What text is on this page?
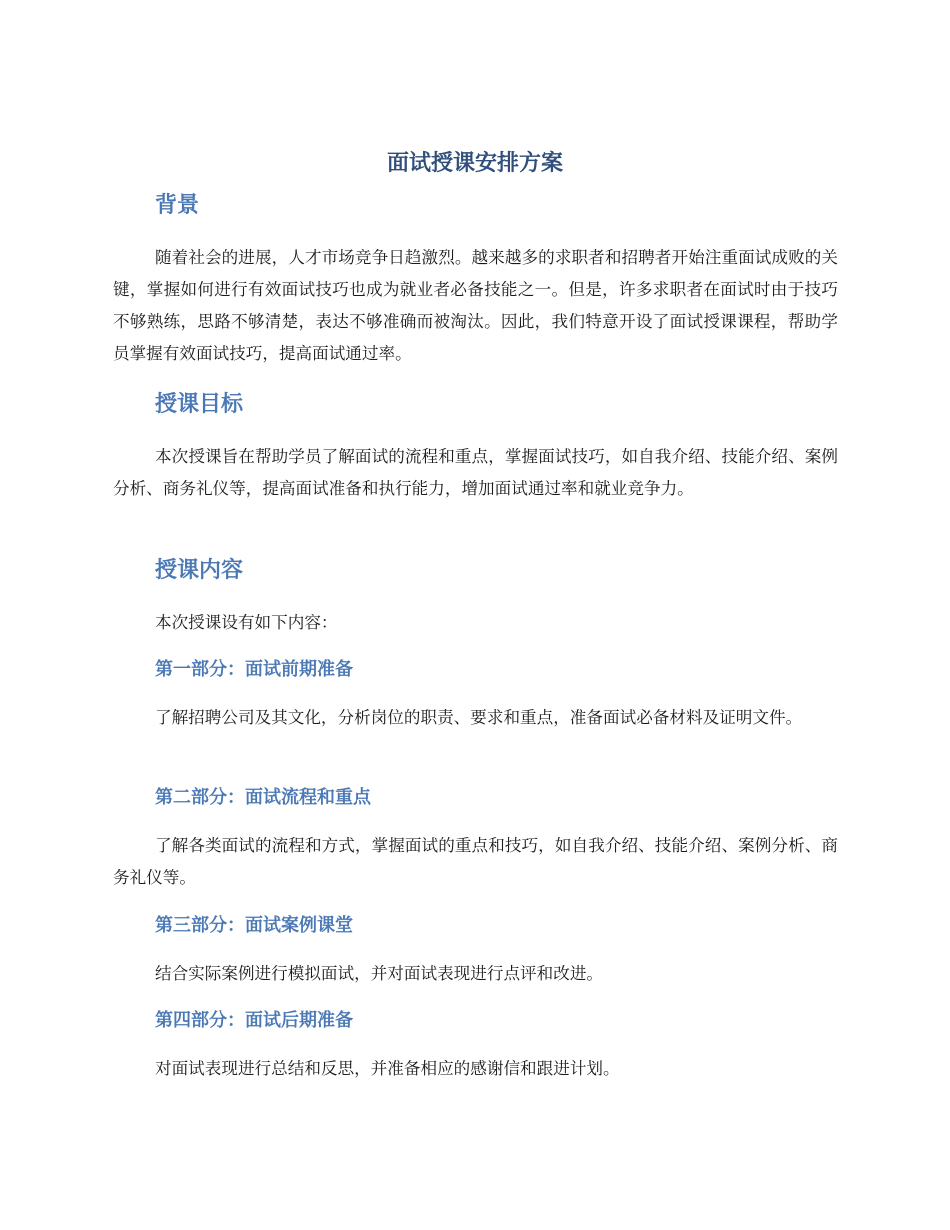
面试授课安排方案
背景

随着社会的进展，人才市场竞争日趋激烈。越来越多的求职者和招聘者开始注重面试成败的关键，掌握如何进行有效面试技巧也成为就业者必备技能之一。但是，许多求职者在面试时由于技巧不够熟练，思路不够清楚，表达不够准确而被淘汰。因此，我们特意开设了面试授课课程，帮助学员掌握有效面试技巧，提高面试通过率。

授课目标

本次授课旨在帮助学员了解面试的流程和重点，掌握面试技巧，如自我介绍、技能介绍、案例分析、商务礼仪等，提高面试准备和执行能力，增加面试通过率和就业竞争力。

授课内容

本次授课设有如下内容：

第一部分：面试前期准备

了解招聘公司及其文化，分析岗位的职责、要求和重点，准备面试必备材料及证明文件。

第二部分：面试流程和重点

了解各类面试的流程和方式，掌握面试的重点和技巧，如自我介绍、技能介绍、案例分析、商务礼仪等。

第三部分：面试案例课堂

结合实际案例进行模拟面试，并对面试表现进行点评和改进。

第四部分：面试后期准备

对面试表现进行总结和反思，并准备相应的感谢信和跟进计划。
